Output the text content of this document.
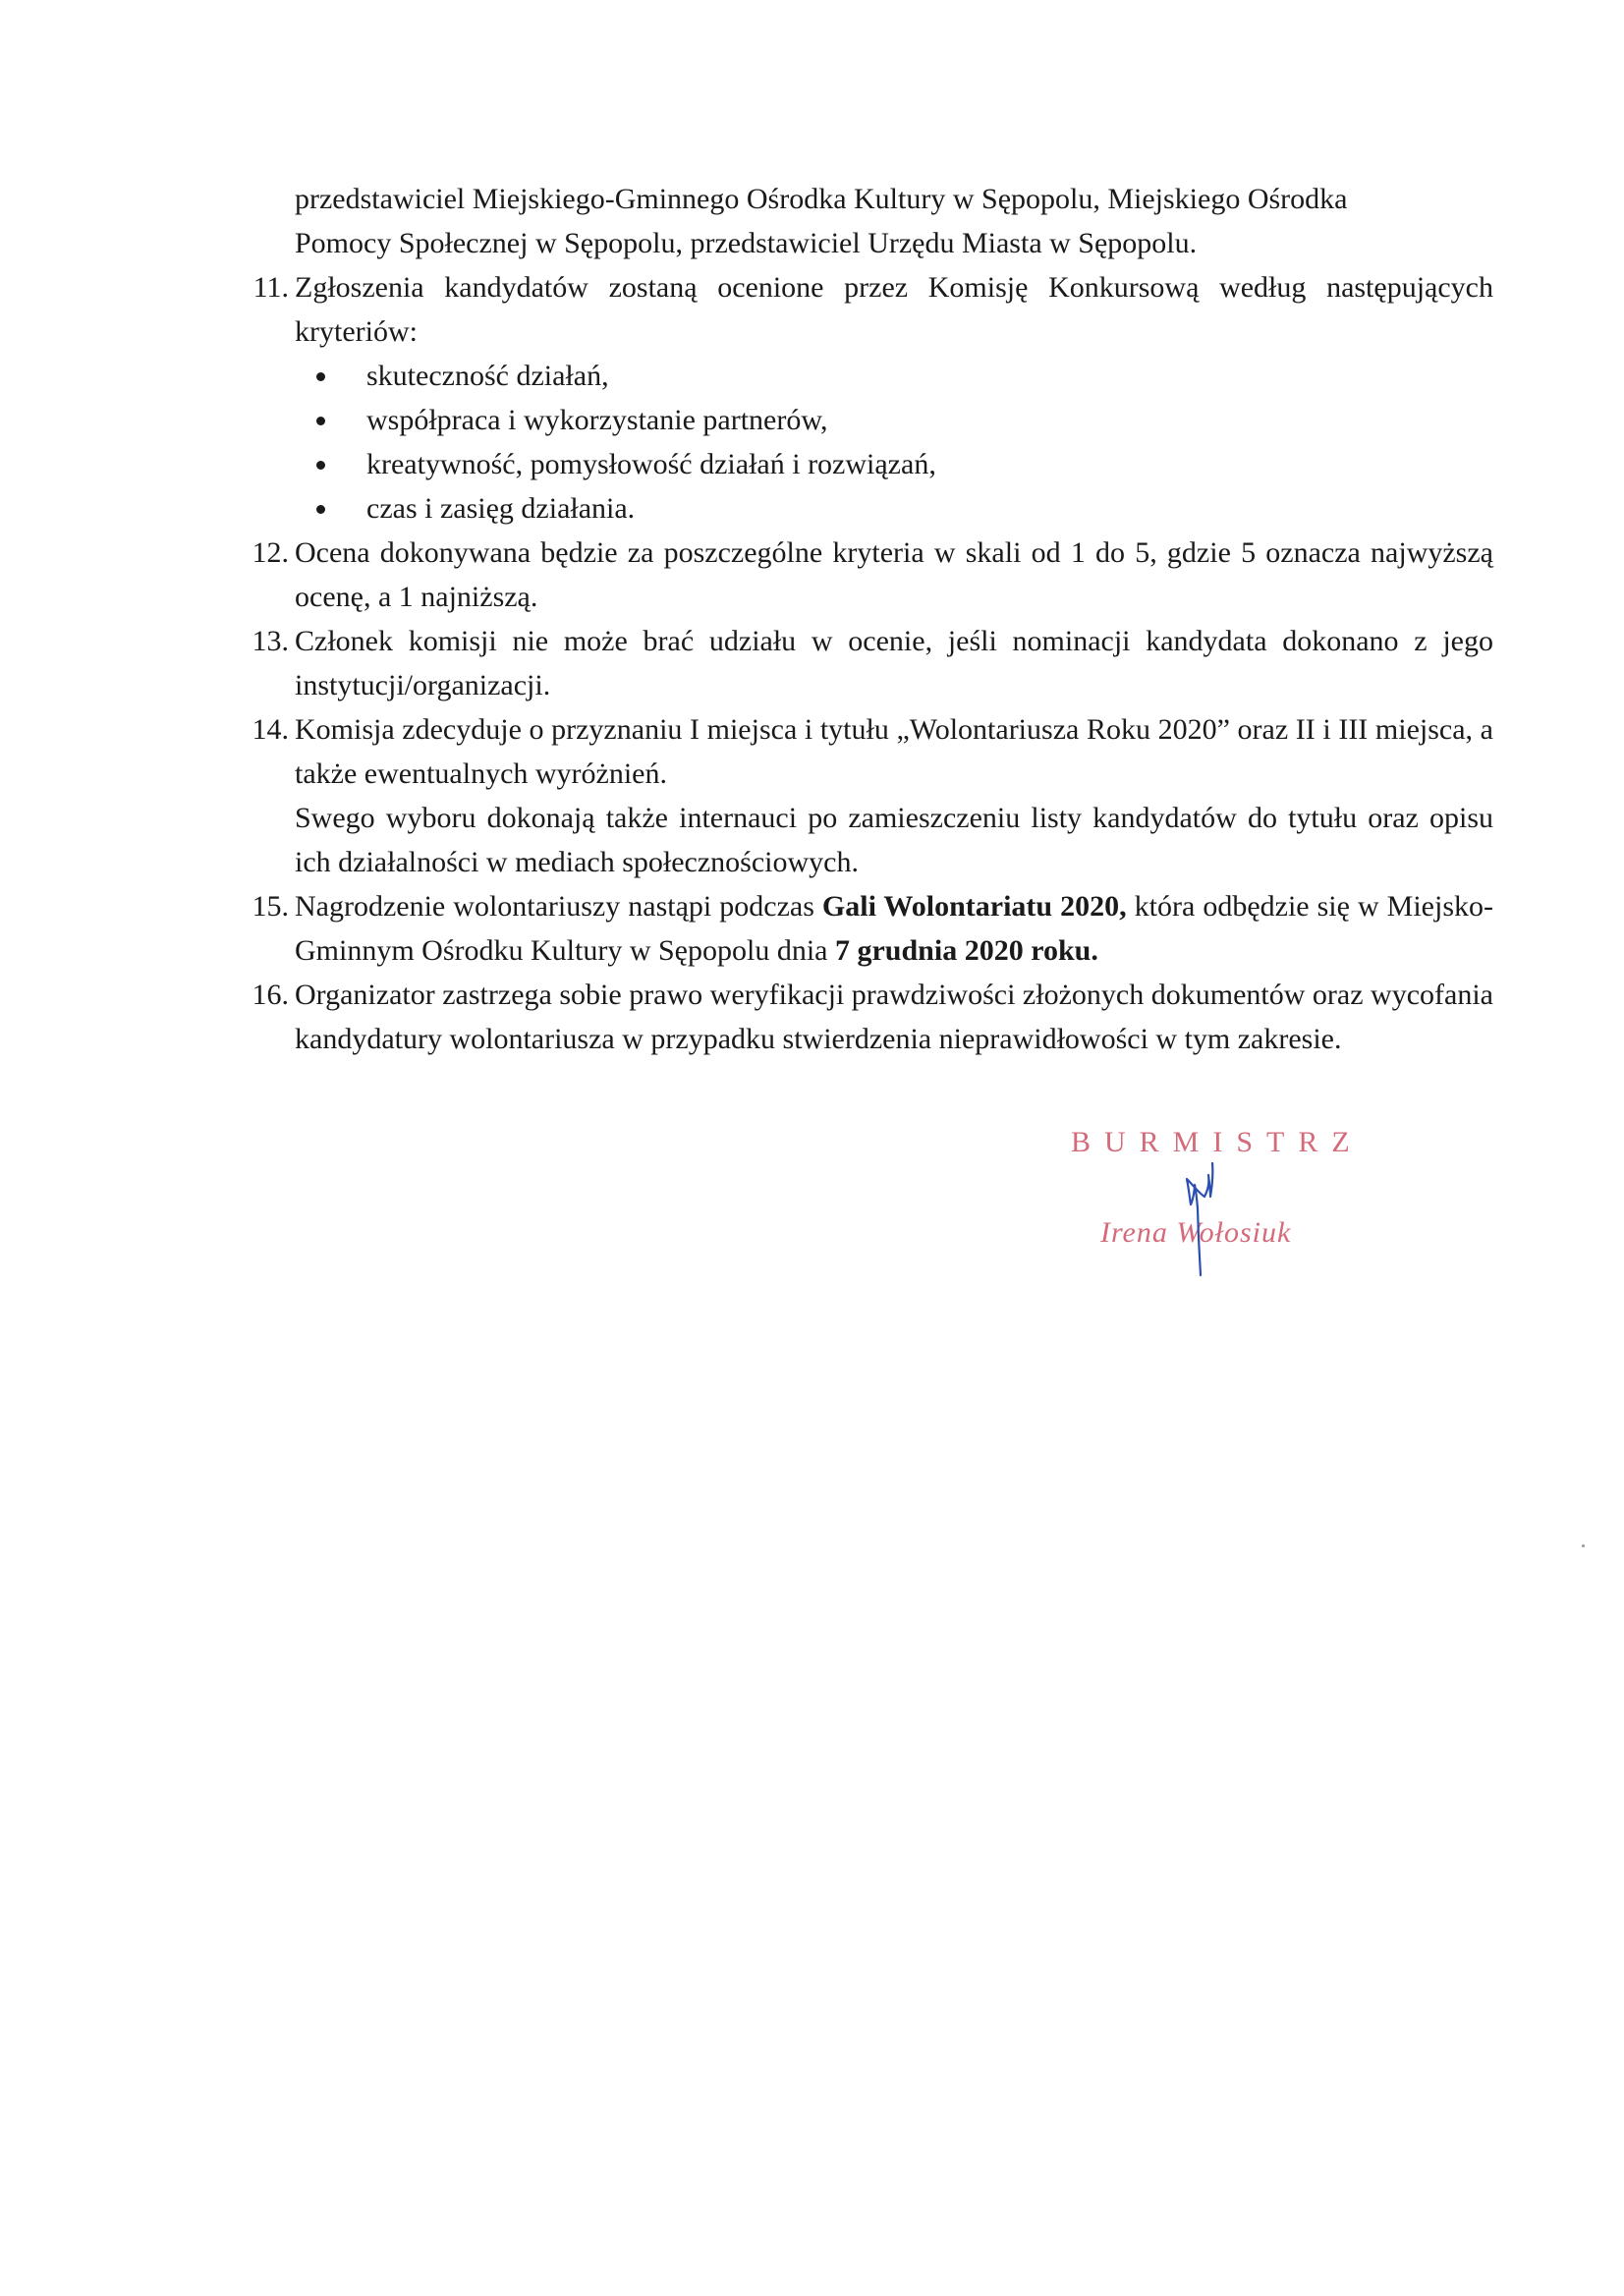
przedstawiciel Miejskiego-Gminnego Ośrodka Kultury w Sępopolu, Miejskiego Ośrodka
Pomocy Społecznej w Sępopolu, przedstawiciel Urzędu Miasta w Sępopolu.
11. Zgłoszenia kandydatów zostaną ocenione przez Komisję Konkursową według następujących kryteriów:
skuteczność działań,
współpraca i wykorzystanie partnerów,
kreatywność, pomysłowość działań i rozwiązań,
czas i zasięg działania.
12. Ocena dokonywana będzie za poszczególne kryteria w skali od 1 do 5, gdzie 5 oznacza najwyższą ocenę, a 1 najniższą.
13. Członek komisji nie może brać udziału w ocenie, jeśli nominacji kandydata dokonano z jego instytucji/organizacji.
14. Komisja zdecyduje o przyznaniu I miejsca i tytułu „Wolontariusza Roku 2020” oraz II i III miejsca, a także ewentualnych wyróżnień.
Swego wyboru dokonają także internauci po zamieszczeniu listy kandydatów do tytułu oraz opisu ich działalności w mediach społecznościowych.
15. Nagrodzenie wolontariuszy nastąpi podczas Gali Wolontariatu 2020, która odbędzie się w Miejsko-Gminnym Ośrodku Kultury w Sępopolu dnia 7 grudnia 2020 roku.
16. Organizator zastrzega sobie prawo weryfikacji prawdziwości złożonych dokumentów oraz wycofania kandydatury wolontariusza w przypadku stwierdzenia nieprawidłowości w tym zakresie.
BURMISTRZ
Irena Wołosiuk
